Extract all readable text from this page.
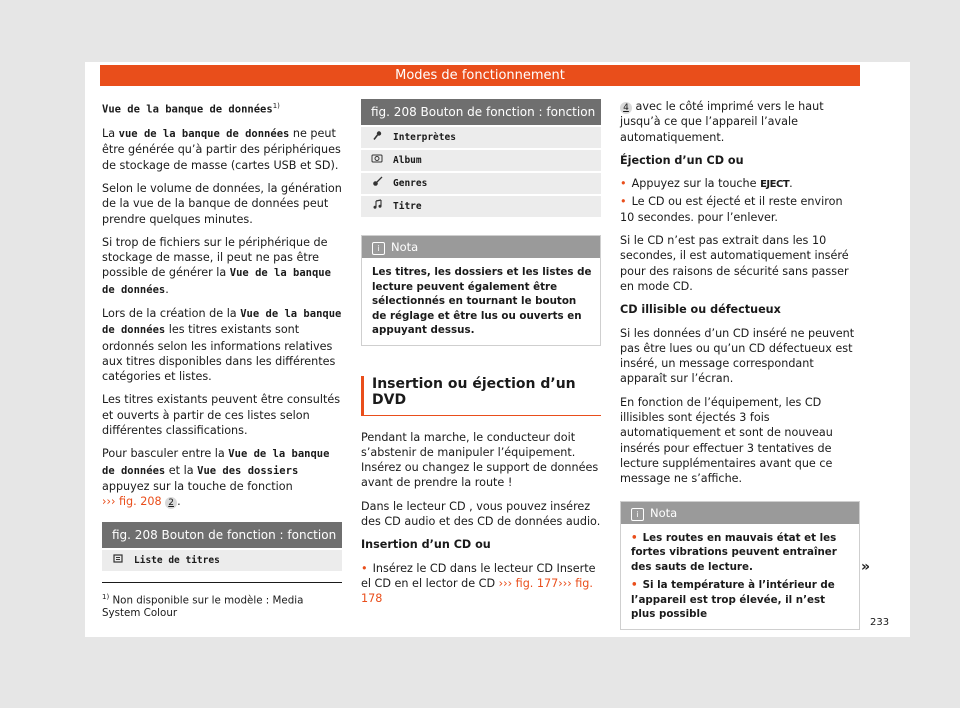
Modes de fonctionnement

Vue de la banque de données$^{1)}$

La vue de la banque de données ne peut être générée qu’à partir des périphériques de stockage de masse (cartes USB et SD).

Selon le volume de données, la génération de la vue de la banque de données peut prendre quelques minutes.

Si trop de fichiers sur le périphérique de stockage de masse, il peut ne pas être possible de générer la Vue de la banque de données.

Lors de la création de la Vue de la banque de données les titres existants sont ordonnés selon les informations relatives aux titres disponibles dans les différentes catégories et listes.

Les titres existants peuvent être consultés et ouverts à partir de ces listes selon différentes classifications.

Pour basculer entre la Vue de la banque de données et la Vue des dossiers appuyez sur la touche de fonction
››› fig. 208 2 .

fig. 208 Bouton de fonction : fonction
Liste de titres
fig. 208 Bouton de fonction : fonction
Interprètes
Album
Genres
Titre
i Nota
Les titres, les dossiers et les listes de lecture peuvent également être sélectionnés en tournant le bouton de réglage et être lus ou ouverts en appuyant dessus.
Insertion ou éjection d’un DVD

Pendant la marche, le conducteur doit s’abstenir de manipuler l’équipement. Insérez ou changez le support de données avant de prendre la route !

Dans le lecteur CD , vous pouvez insérez des CD audio et des CD de données audio.

Insertion d’un CD ou

• Insérez le CD dans le lecteur CD Inserte el CD en el lector de CD ››› fig. 177››› fig. 178

4 avec le côté imprimé vers le haut jusqu’à ce que l’appareil l’avale automatiquement.

Éjection d’un CD ou

• Appuyez sur la touche EJECT.

• Le CD ou est éjecté et il reste environ 10 secondes. pour l’enlever.

Si le CD n’est pas extrait dans les 10 secondes, il est automatiquement inséré pour des raisons de sécurité sans passer en mode CD.

CD illisible ou défectueux

Si les données d’un CD inséré ne peuvent pas être lues ou qu’un CD défectueux est inséré, un message correspondant apparaît sur l’écran.

En fonction de l’équipement, les CD illisibles sont éjectés 3 fois automatiquement et sont de nouveau insérés pour effectuer 3 tentatives de lecture supplémentaires avant que ce message ne s’affiche.

i Nota
• Les routes en mauvais état et les fortes vibrations peuvent entraîner des sauts de lecture.
• Si la température à l’intérieur de l’appareil est trop élevée, il n’est plus possible
»
$^{1)}$ Non disponible sur le modèle : Media System Colour
233
